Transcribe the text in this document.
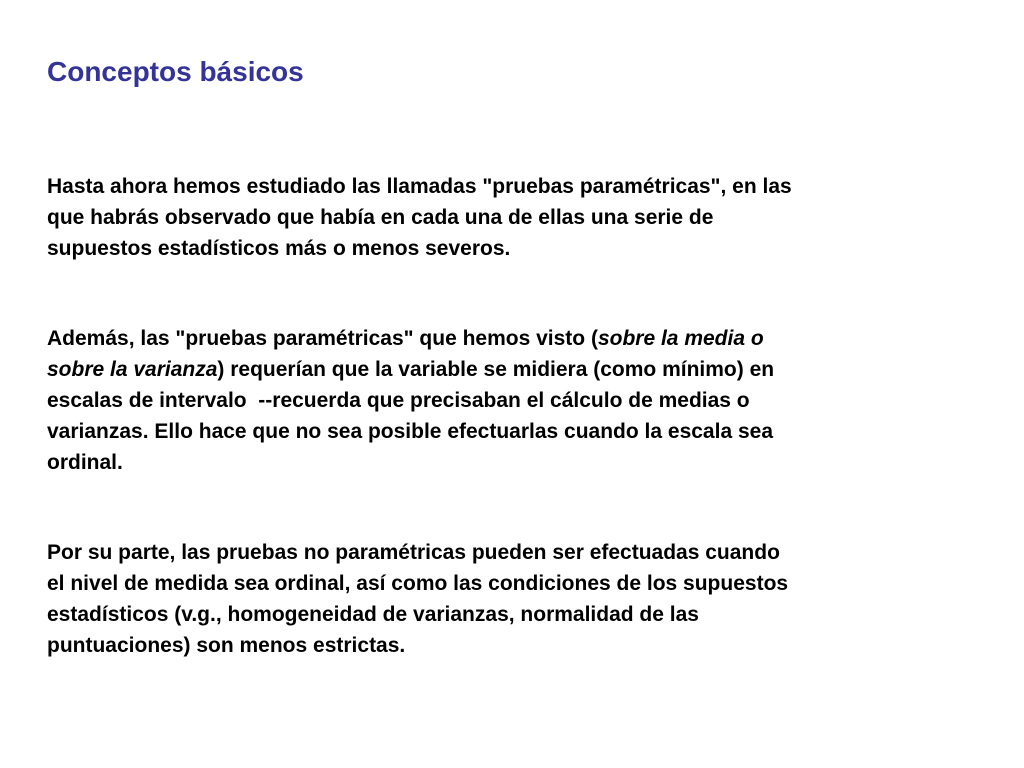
Conceptos básicos

Hasta ahora hemos estudiado las llamadas "pruebas paramétricas", en las
que habrás observado que había en cada una de ellas una serie de
supuestos estadísticos más o menos severos.

Además, las "pruebas paramétricas" que hemos visto (sobre la media o
sobre la varianza) requerían que la variable se midiera (como mínimo) en
escalas de intervalo  --recuerda que precisaban el cálculo de medias o
varianzas. Ello hace que no sea posible efectuarlas cuando la escala sea
ordinal.

Por su parte, las pruebas no paramétricas pueden ser efectuadas cuando
el nivel de medida sea ordinal, así como las condiciones de los supuestos
estadísticos (v.g., homogeneidad de varianzas, normalidad de las
puntuaciones) son menos estrictas.
